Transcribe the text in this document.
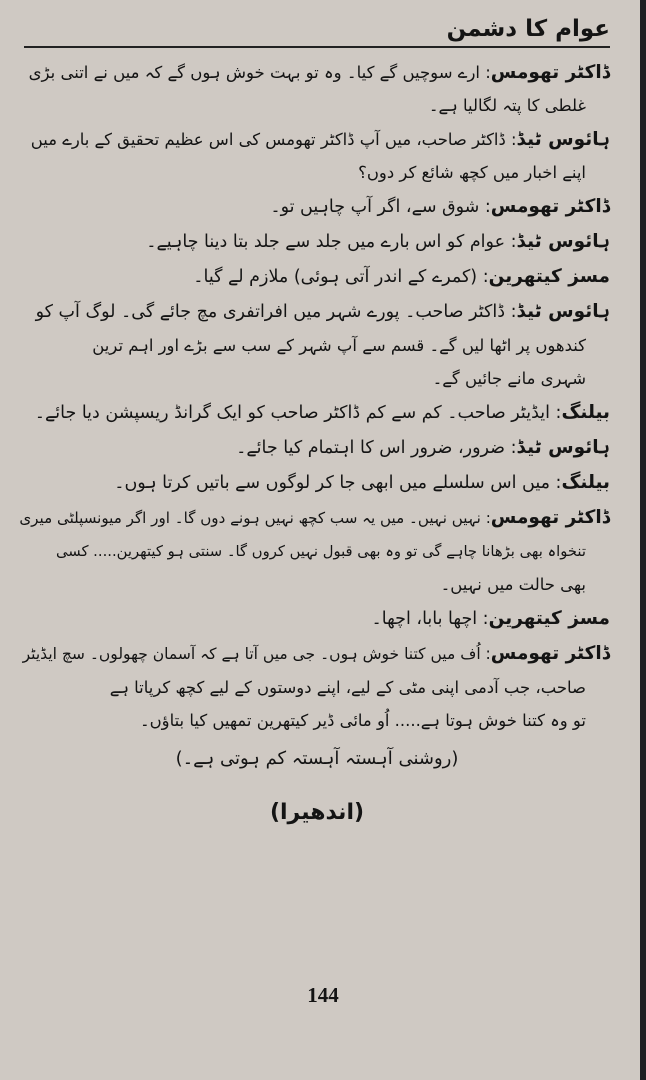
عوام کا دشمن
ڈاکٹر تھومس: ارے سوچیں گے کیا۔ وہ تو بہت خوش ہوں گے کہ میں نے اتنی بڑی
غلطی کا پتہ لگالیا ہے۔
ہائوس ٹیڈ: ڈاکٹر صاحب، میں آپ ڈاکٹر تھومس کی اس عظیم تحقیق کے بارے میں
اپنے اخبار میں کچھ شائع کر دوں؟
ڈاکٹر تھومس: شوق سے، اگر آپ چاہیں تو۔
ہائوس ٹیڈ: عوام کو اس بارے میں جلد سے جلد بتا دینا چاہیے۔
مسز کیتھرین: (کمرے کے اندر آتی ہوئی) ملازم لے گیا۔
ہائوس ٹیڈ: ڈاکٹر صاحب۔ پورے شہر میں افراتفری مچ جائے گی۔ لوگ آپ کو
کندھوں پر اٹھا لیں گے۔ قسم سے آپ شہر کے سب سے بڑے اور اہم ترین
شہری مانے جائیں گے۔
بیلنگ: ایڈیٹر صاحب۔ کم سے کم ڈاکٹر صاحب کو ایک گرانڈ ریسپشن دیا جائے۔
ہائوس ٹیڈ: ضرور، ضرور اس کا اہتمام کیا جائے۔
بیلنگ: میں اس سلسلے میں ابھی جا کر لوگوں سے باتیں کرتا ہوں۔
ڈاکٹر تھومس: نہیں نہیں۔ میں یہ سب کچھ نہیں ہونے دوں گا۔ اور اگر میونسپلٹی میری
تنخواہ بھی بڑھانا چاہے گی تو وہ بھی قبول نہیں کروں گا۔ سنتی ہو کیتھرین..... کسی
بھی حالت میں نہیں۔
مسز کیتھرین: اچھا بابا، اچھا۔
ڈاکٹر تھومس: اُف میں کتنا خوش ہوں۔ جی میں آتا ہے کہ آسمان چھولوں۔ سچ ایڈیٹر
صاحب، جب آدمی اپنی مٹی کے لیے، اپنے دوستوں کے لیے کچھ کرپاتا ہے
تو وہ کتنا خوش ہوتا ہے..... اُو مائی ڈیر کیتھرین تمھیں کیا بتاؤں۔
(روشنی آہستہ آہستہ کم ہوتی ہے۔)
(اندھیرا)
144
